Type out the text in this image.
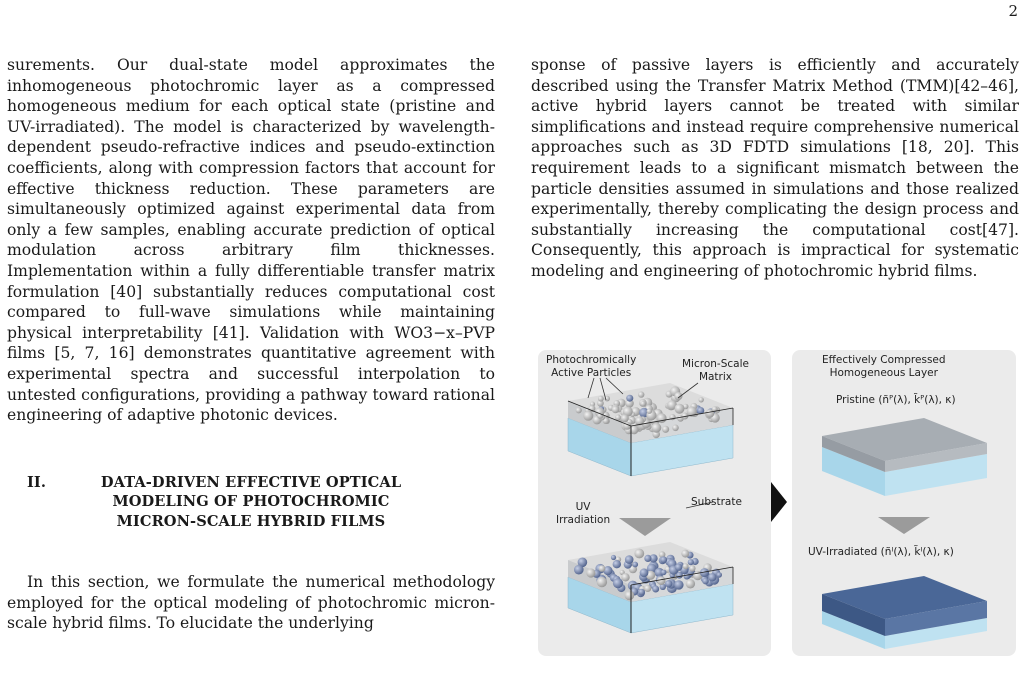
2

surements. Our dual-state model approximates the inhomogeneous photochromic layer as a compressed homogeneous medium for each optical state (pristine and UV-irradiated). The model is characterized by wavelength-dependent pseudo-refractive indices and pseudo-extinction coefficients, along with compression factors that account for effective thickness reduction. These parameters are simultaneously optimized against experimental data from only a few samples, enabling accurate prediction of optical modulation across arbitrary film thicknesses. Implementation within a fully differentiable transfer matrix formulation [40] substantially reduces computational cost compared to full-wave simulations while maintaining physical interpretability [41]. Validation with WO3−x–PVP films [5, 7, 16] demonstrates quantitative agreement with experimental spectra and successful interpolation to untested configurations, providing a pathway toward rational engineering of adaptive photonic devices.

II.	DATA-DRIVEN EFFECTIVE OPTICAL
MODELING OF PHOTOCHROMIC
MICRON-SCALE HYBRID FILMS

In this section, we formulate the numerical methodology employed for the optical modeling of photochromic micron-scale hybrid films. To elucidate the underlying

sponse of passive layers is efficiently and accurately described using the Transfer Matrix Method (TMM)[42–46], active hybrid layers cannot be treated with similar simplifications and instead require comprehensive numerical approaches such as 3D FDTD simulations [18, 20]. This requirement leads to a significant mismatch between the particle densities assumed in simulations and those realized experimentally, thereby complicating the design process and substantially increasing the computational cost[47]. Consequently, this approach is impractical for systematic modeling and engineering of photochromic hybrid films.

Photochromically
Active Particles
Micron-Scale
Matrix
UV
Irradiation
Substrate
Effectively Compressed
Homogeneous Layer
Pristine (ñᴾ(λ), k̃ᴾ(λ), κ)
UV-Irradiated (ñᴵ(λ), k̃ᴵ(λ), κ)
